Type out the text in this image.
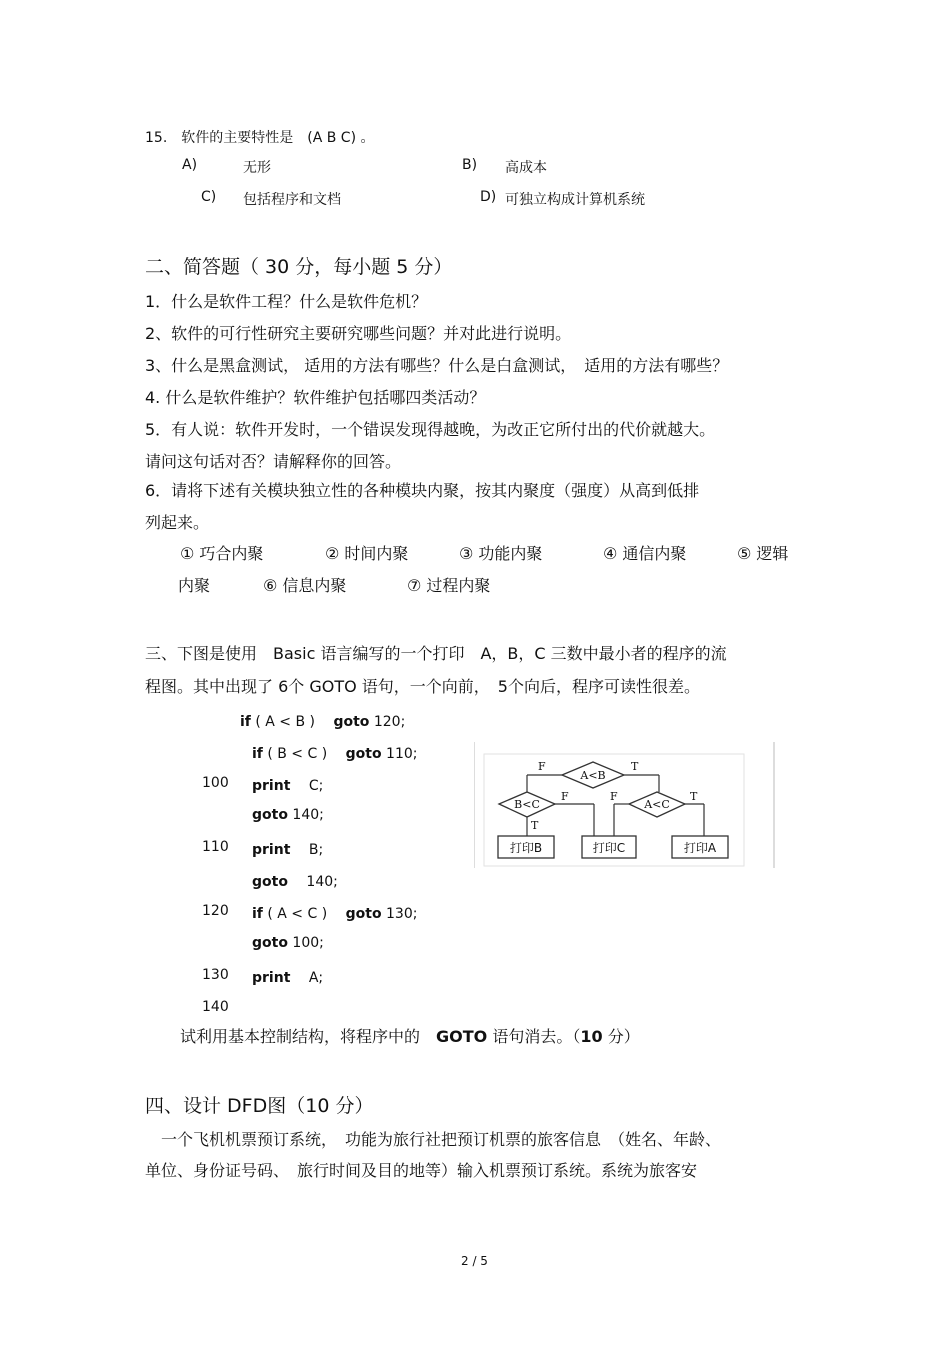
15.　软件的主要特性是　(A B C) 。
A)	无形	B) 高成本
C) 包括程序和文档	D) 可独立构成计算机系统
二、简答题（ 30 分，每小题 5 分）
1．什么是软件工程？什么是软件危机？
2、软件的可行性研究主要研究哪些问题？并对此进行说明。
3、什么是黑盒测试， 适用的方法有哪些？什么是白盒测试，　适用的方法有哪些？
4. 什么是软件维护？软件维护包括哪四类活动？
5．有人说：软件开发时，一个错误发现得越晚，为改正它所付出的代价就越大。
请问这句话对否？请解释你的回答。
6．请将下述有关模块独立性的各种模块内聚，按其内聚度（强度）从高到低排
列起来。
① 巧合内聚	② 时间内聚	③ 功能内聚	④ 通信内聚	⑤ 逻辑
内聚	⑥ 信息内聚	⑦ 过程内聚
三、下图是使用　Basic 语言编写的一个打印　A，B，C 三数中最小者的程序的流
程图。其中出现了 6个 GOTO 语句，一个向前，　5个向后，程序可读性很差。
if ( A < B )　 goto 120;
if ( B < C )　 goto 110;
100 print 　C;
goto 140;
110 print 　B;
goto 　140;
120 if ( A < C )　 goto 130;
goto 100;
130 print 　A;
140
A<B
B<C	A<C
F	T
F	F	T
T
打印B	打印C	打印A
试利用基本控制结构，将程序中的　GOTO 语句消去。（10 分）
四、设计 DFD图（10 分）
　一个飞机机票预订系统，　功能为旅行社把预订机票的旅客信息　（姓名、年龄、
单位、身份证号码、　旅行时间及目的地等）输入机票预订系统。系统为旅客安
2 / 5
